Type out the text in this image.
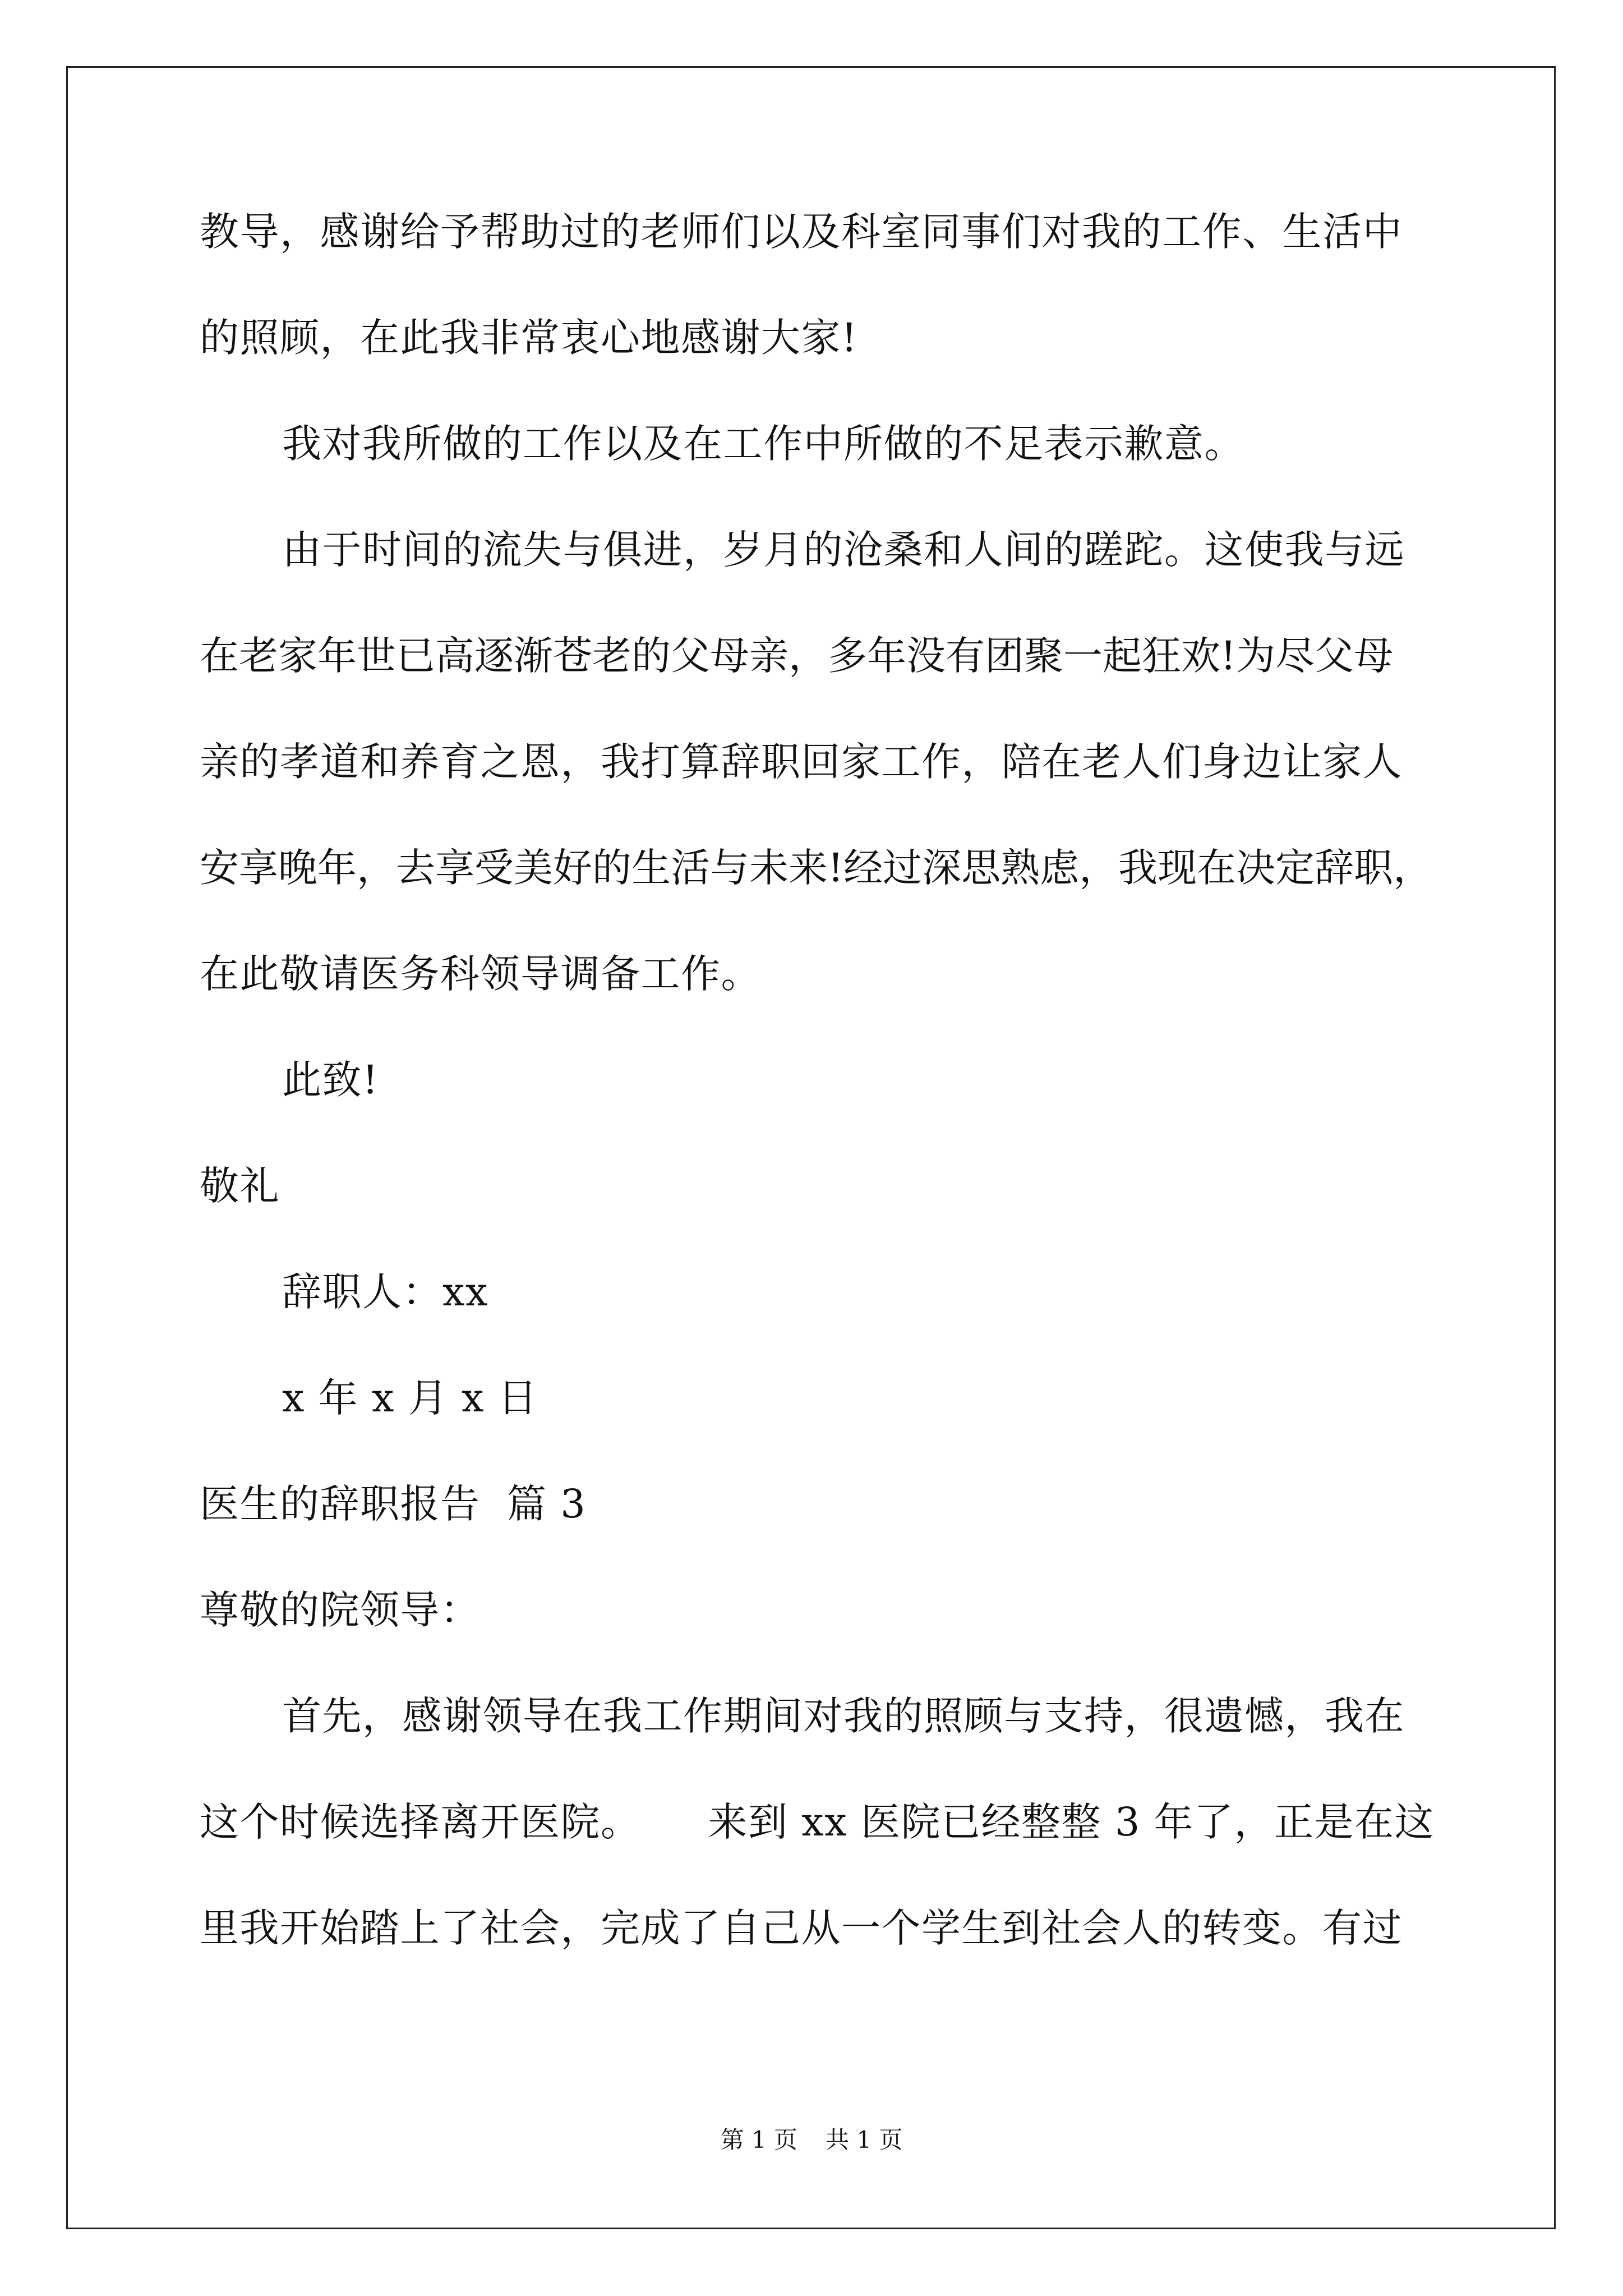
教导，感谢给予帮助过的老师们以及科室同事们对我的工作、生活中
的照顾，在此我非常衷心地感谢大家!
我对我所做的工作以及在工作中所做的不足表示歉意。
由于时间的流失与俱进，岁月的沧桑和人间的蹉跎。这使我与远
在老家年世已高逐渐苍老的父母亲，多年没有团聚一起狂欢!为尽父母
亲的孝道和养育之恩，我打算辞职回家工作，陪在老人们身边让家人
安享晚年，去享受美好的生活与未来!经过深思熟虑，我现在决定辞职，
在此敬请医务科领导调备工作。
此致!
敬礼
辞职人：xx
x 年 x 月 x 日
医生的辞职报告  篇 3
尊敬的院领导：
首先，感谢领导在我工作期间对我的照顾与支持，很遗憾，我在
这个时候选择离开医院。 来到 xx 医院已经整整 3 年了，正是在这
里我开始踏上了社会，完成了自己从一个学生到社会人的转变。有过
第 1 页 共 1 页
